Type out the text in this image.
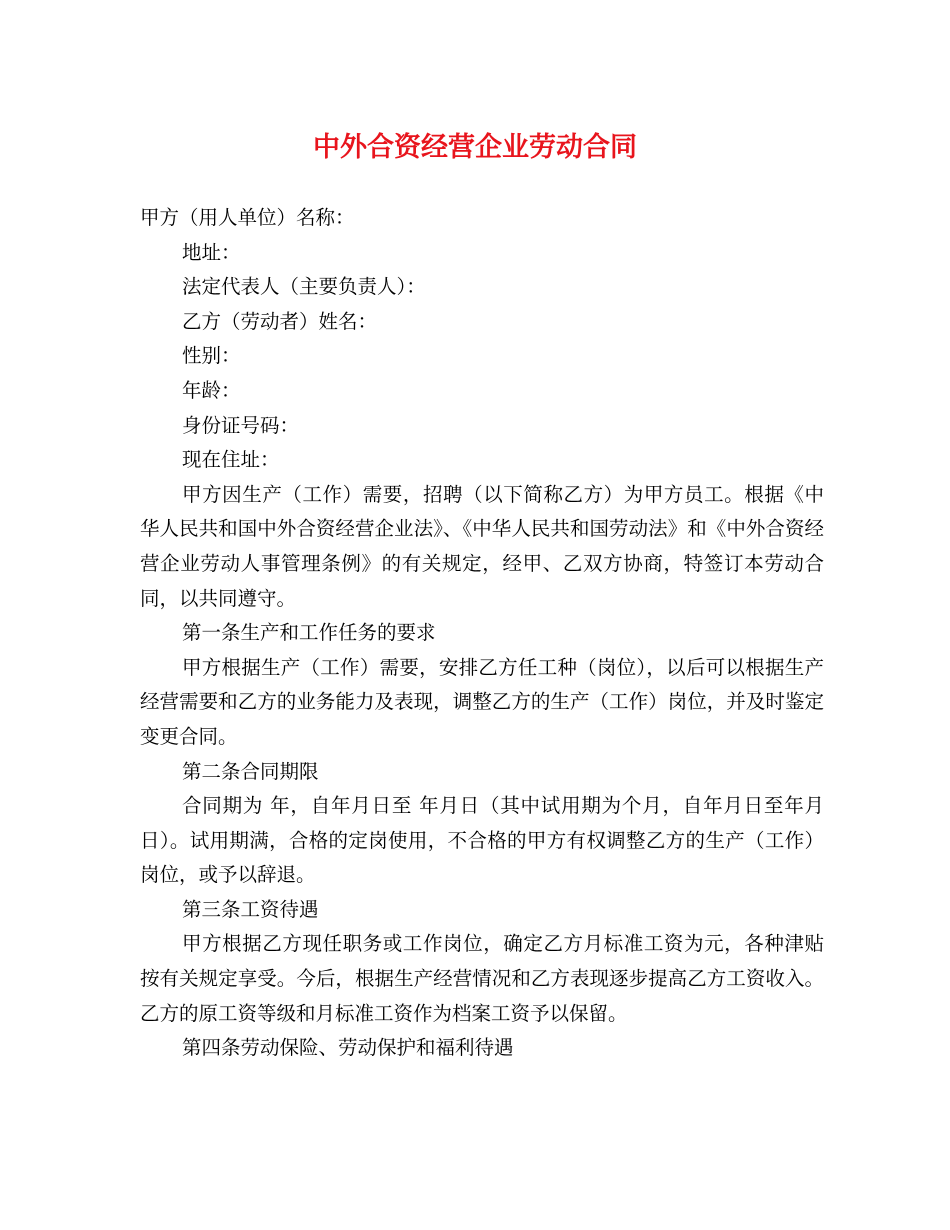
中外合资经营企业劳动合同

甲方（用人单位）名称：

地址：

法定代表人（主要负责人）：

乙方（劳动者）姓名：

性别：

年龄：

身份证号码：

现在住址：

甲方因生产（工作）需要，招聘（以下简称乙方）为甲方员工。根据《中华人民共和国中外合资经营企业法》、《中华人民共和国劳动法》和《中外合资经营企业劳动人事管理条例》的有关规定，经甲、乙双方协商，特签订本劳动合同，以共同遵守。

第一条生产和工作任务的要求

甲方根据生产（工作）需要，安排乙方任工种（岗位），以后可以根据生产经营需要和乙方的业务能力及表现，调整乙方的生产（工作）岗位，并及时鉴定变更合同。

第二条合同期限

合同期为 年，自年月日至 年月日（其中试用期为个月，自年月日至年月日）。试用期满，合格的定岗使用，不合格的甲方有权调整乙方的生产（工作）岗位，或予以辞退。

第三条工资待遇

甲方根据乙方现任职务或工作岗位，确定乙方月标准工资为元，各种津贴按有关规定享受。今后，根据生产经营情况和乙方表现逐步提高乙方工资收入。乙方的原工资等级和月标准工资作为档案工资予以保留。

第四条劳动保险、劳动保护和福利待遇
